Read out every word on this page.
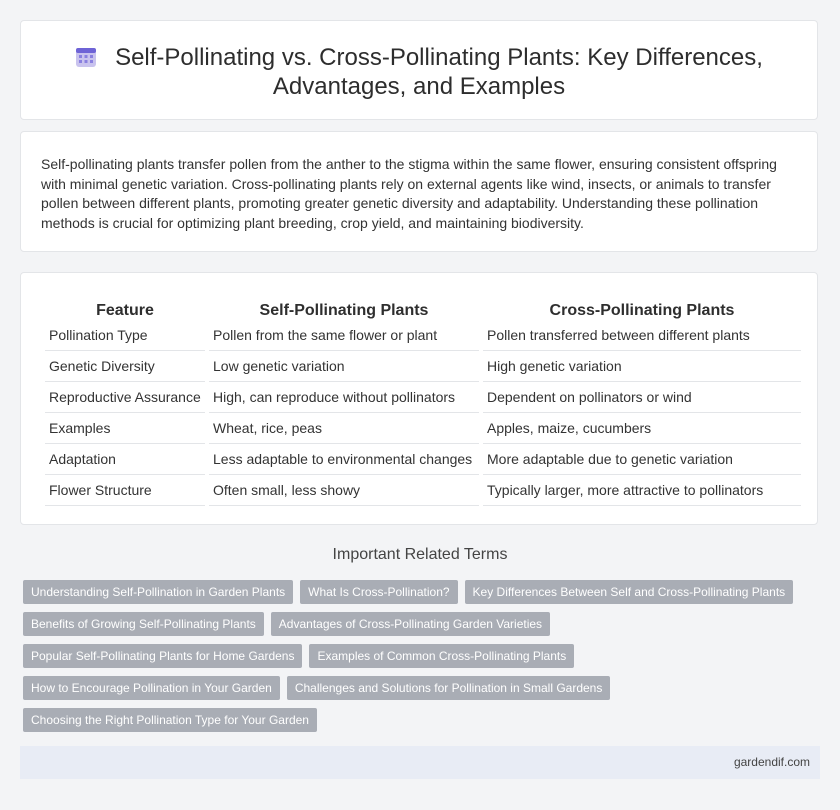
Self-Pollinating vs. Cross-Pollinating Plants: Key Differences, Advantages, and Examples

Self-pollinating plants transfer pollen from the anther to the stigma within the same flower, ensuring consistent offspring with minimal genetic variation. Cross-pollinating plants rely on external agents like wind, insects, or animals to transfer pollen between different plants, promoting greater genetic diversity and adaptability. Understanding these pollination methods is crucial for optimizing plant breeding, crop yield, and maintaining biodiversity.

Feature	Self-Pollinating Plants	Cross-Pollinating Plants
Pollination Type	Pollen from the same flower or plant	Pollen transferred between different plants
Genetic Diversity	Low genetic variation	High genetic variation
Reproductive Assurance	High, can reproduce without pollinators	Dependent on pollinators or wind
Examples	Wheat, rice, peas	Apples, maize, cucumbers
Adaptation	Less adaptable to environmental changes	More adaptable due to genetic variation
Flower Structure	Often small, less showy	Typically larger, more attractive to pollinators
Important Related Terms
Understanding Self-Pollination in Garden Plants	What Is Cross-Pollination?	Key Differences Between Self and Cross-Pollinating Plants
Benefits of Growing Self-Pollinating Plants	Advantages of Cross-Pollinating Garden Varieties
Popular Self-Pollinating Plants for Home Gardens	Examples of Common Cross-Pollinating Plants
How to Encourage Pollination in Your Garden	Challenges and Solutions for Pollination in Small Gardens
Choosing the Right Pollination Type for Your Garden
gardendif.com
